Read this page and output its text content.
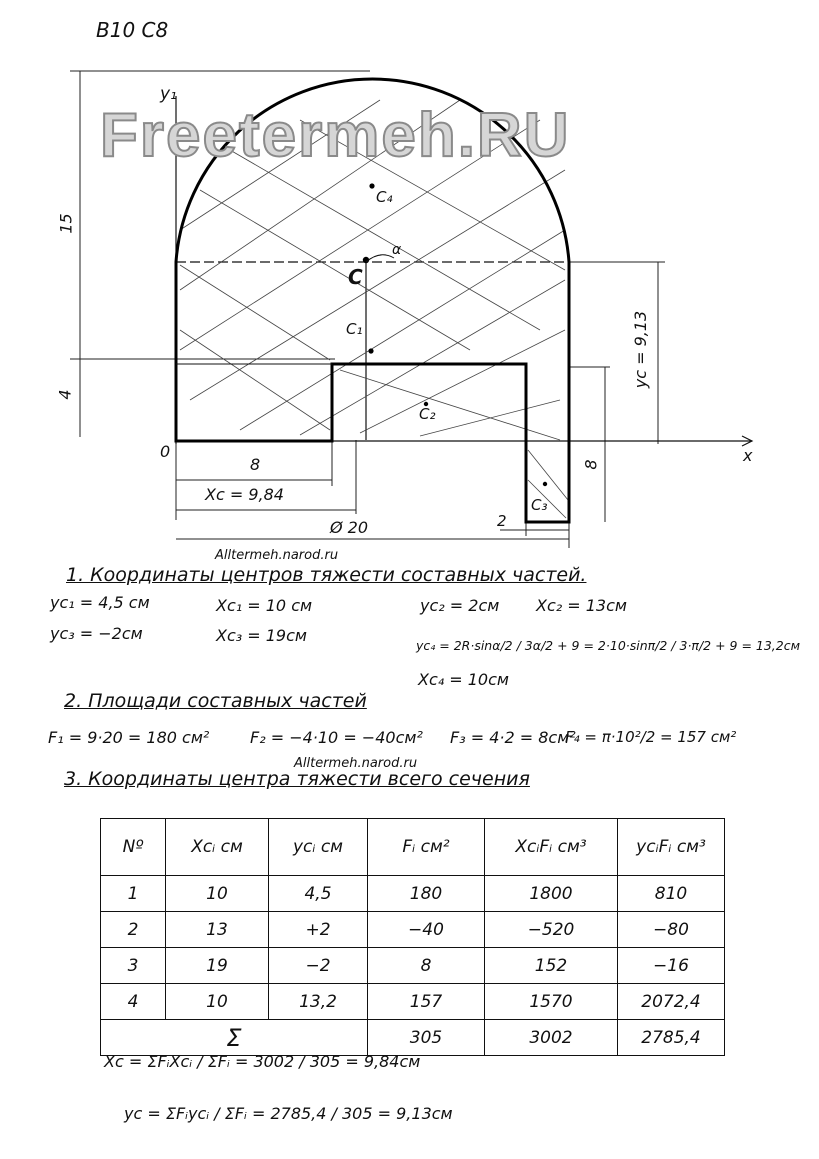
В10 С8
Freetermeh.RU
y₁
x
0
C₄
C
α
C₁
C₂
C₃
15
4
yᴄ = 9,13
8
8
Xᴄ = 9,84
Ø 20	2
Alltermeh.narod.ru
Alltermeh.narod.ru
1. Координаты центров тяжести составных частей.
yᴄ₁ = 4,5 см	Xᴄ₁ = 10 см	yᴄ₂ = 2см Xᴄ₂ = 13см
yᴄ₃ = −2см	Xᴄ₃ = 19см
yᴄ₄ = 2R·sinα/2 / 3α/2 + 9 = 2·10·sinπ/2 / 3·π/2 + 9 = 13,2см
Xᴄ₄ = 10см
2. Площади составных частей
F₁ = 9·20 = 180 см²	F₂ = −4·10 = −40см² F₃ = 4·2 = 8см²
F₄ = π·10²/2 = 157 см²
3. Координаты центра тяжести всего сечения
Nº	Xcᵢ см	ycᵢ см	Fᵢ см²	XcᵢFᵢ см³	ycᵢFᵢ см³
1	10	4,5	180	1800	810
2	13	+2	−40	−520	−80
3	19	−2	8	152	−16
4	10	13,2	157	1570	2072,4
Σ			305	3002	2785,4
Xᴄ = ΣFᵢXᴄᵢ / ΣFᵢ = 3002 / 305 = 9,84см
yᴄ = ΣFᵢyᴄᵢ / ΣFᵢ = 2785,4 / 305 = 9,13см
